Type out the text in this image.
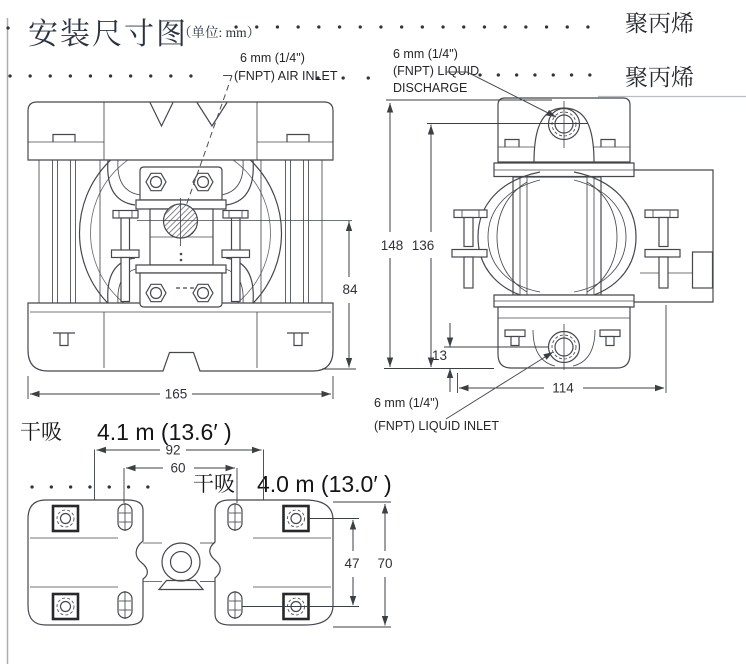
安装尺寸图
（单位: mm）	聚丙烯
聚丙烯
165
84
6 mm (1/4")
(FNPT) AIR INLET
148 136
13
114
6 mm (1/4")
(FNPT) LIQUID
DISCHARGE
6 mm (1/4")
(FNPT) LIQUID INLET
干吸 4.1 m (13.6′ )
干吸 4.0 m (13.0′ )
92
60
47 70
